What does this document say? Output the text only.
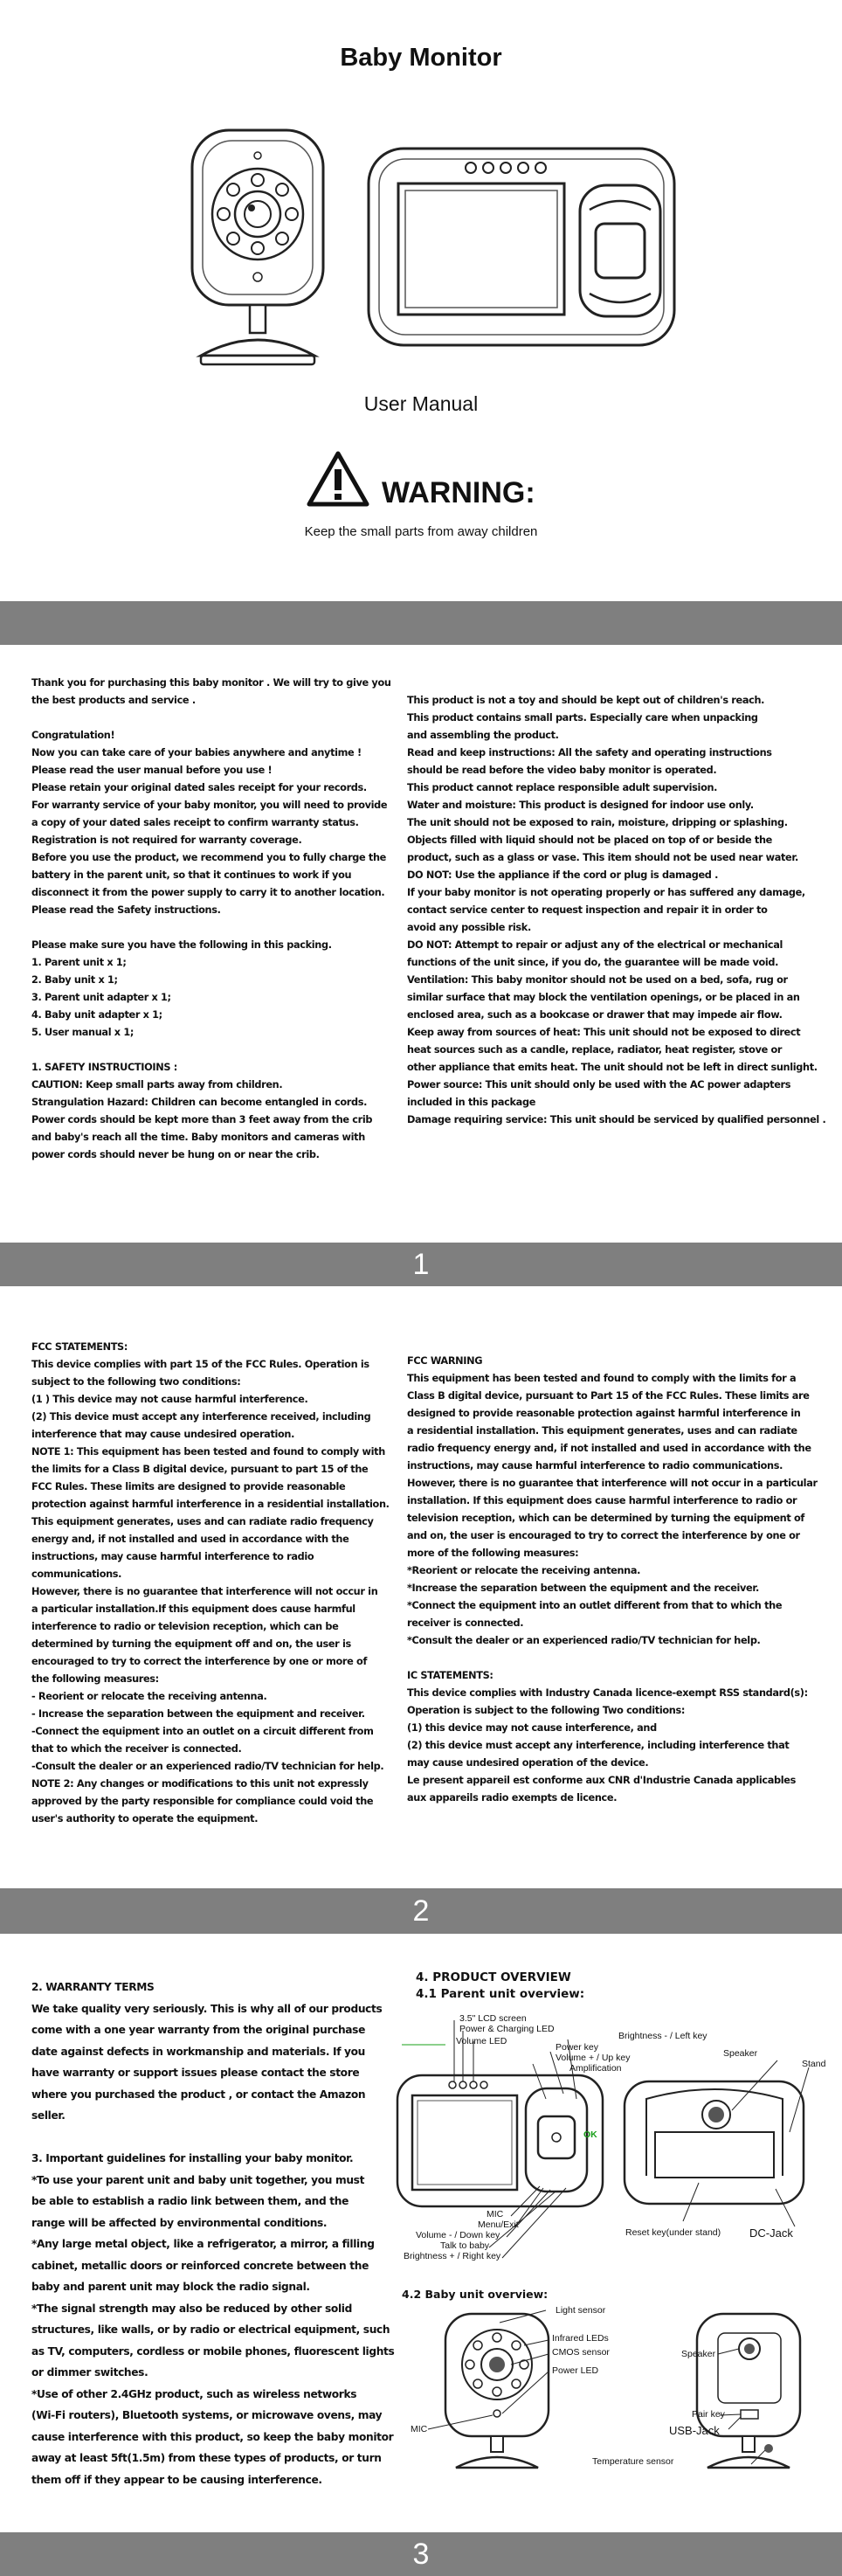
Baby Monitor
User Manual
WARNING:
Keep the small parts from away children
Thank you for purchasing this baby monitor . We will try to give you
the best products and service .

Congratulation!
Now you can take care of your babies anywhere and anytime !
Please read the user manual before you use !
Please retain your original dated sales receipt for your records.
For warranty service of your baby monitor, you will need to provide
a copy of your dated sales receipt to confirm warranty status.
Registration is not required for warranty coverage.
Before you use the product, we recommend you to fully charge the
battery in the parent unit, so that it continues to work if you
disconnect it from the power supply to carry it to another location.
Please read the Safety instructions.

Please make sure you have the following in this packing.
1. Parent unit x 1;
2. Baby unit x 1;
3. Parent unit adapter x 1;
4. Baby unit adapter x 1;
5. User manual x 1;

1. SAFETY INSTRUCTIOINS :
CAUTION: Keep small parts away from children.
Strangulation Hazard: Children can become entangled in cords.
Power cords should be kept more than 3 feet away from the crib
and baby's reach all the time. Baby monitors and cameras with
power cords should never be hung on or near the crib.
This product is not a toy and should be kept out of children's reach.
This product contains small parts. Especially care when unpacking
and assembling the product.
Read and keep instructions: All the safety and operating instructions
should be read before the video baby monitor is operated.
This product cannot replace responsible adult supervision.
Water and moisture: This product is designed for indoor use only.
The unit should not be exposed to rain, moisture, dripping or splashing.
Objects filled with liquid should not be placed on top of or beside the
product, such as a glass or vase. This item should not be used near water.
DO NOT: Use the appliance if the cord or plug is damaged .
If your baby monitor is not operating properly or has suffered any damage,
contact service center to request inspection and repair it in order to
avoid any possible risk.
DO NOT: Attempt to repair or adjust any of the electrical or mechanical
functions of the unit since, if you do, the guarantee will be made void.
Ventilation: This baby monitor should not be used on a bed, sofa, rug or
similar surface that may block the ventilation openings, or be placed in an
enclosed area, such as a bookcase or drawer that may impede air flow.
Keep away from sources of heat: This unit should not be exposed to direct
heat sources such as a candle, replace, radiator, heat register, stove or
other appliance that emits heat. The unit should not be left in direct sunlight.
Power source: This unit should only be used with the AC power adapters
included in this package
Damage requiring service: This unit should be serviced by qualified personnel .
1
FCC STATEMENTS:
This device complies with part 15 of the FCC Rules. Operation is
subject to the following two conditions:
(1 ) This device may not cause harmful interference.
(2) This device must accept any interference received, including
interference that may cause undesired operation.
NOTE 1: This equipment has been tested and found to comply with
the limits for a Class B digital device, pursuant to part 15 of the
FCC Rules. These limits are designed to provide reasonable
protection against harmful interference in a residential installation.
This equipment generates, uses and can radiate radio frequency
energy and, if not installed and used in accordance with the
instructions, may cause harmful interference to radio
communications.
However, there is no guarantee that interference will not occur in
a particular installation.If this equipment does cause harmful
interference to radio or television reception, which can be
determined by turning the equipment off and on, the user is
encouraged to try to correct the interference by one or more of
the following measures:
- Reorient or relocate the receiving antenna.
- Increase the separation between the equipment and receiver.
-Connect the equipment into an outlet on a circuit different from
that to which the receiver is connected.
-Consult the dealer or an experienced radio/TV technician for help.
NOTE 2: Any changes or modifications to this unit not expressly
approved by the party responsible for compliance could void the
user's authority to operate the equipment.
FCC WARNING
This equipment has been tested and found to comply with the limits for a
Class B digital device, pursuant to Part 15 of the FCC Rules. These limits are
designed to provide reasonable protection against harmful interference in
a residential installation. This equipment generates, uses and can radiate
radio frequency energy and, if not installed and used in accordance with the
instructions, may cause harmful interference to radio communications.
However, there is no guarantee that interference will not occur in a particular
installation. If this equipment does cause harmful interference to radio or
television reception, which can be determined by turning the equipment of
and on, the user is encouraged to try to correct the interference by one or
more of the following measures:
*Reorient or relocate the receiving antenna.
*Increase the separation between the equipment and the receiver.
*Connect the equipment into an outlet different from that to which the
receiver is connected.
*Consult the dealer or an experienced radio/TV technician for help.

IC STATEMENTS:
This device complies with Industry Canada licence-exempt RSS standard(s):
Operation is subject to the following Two conditions:
(1) this device may not cause interference, and
(2) this device must accept any interference, including interference that
may cause undesired operation of the device.
Le present appareil est conforme aux CNR d'Industrie Canada applicables
aux appareils radio exempts de licence.
2
2. WARRANTY TERMS
We take quality very seriously. This is why all of our products
come with a one year warranty from the original purchase
date against defects in workmanship and materials. If you
have warranty or support issues please contact the store
where you purchased the product , or contact the Amazon
seller.

3. Important guidelines for installing your baby monitor.
*To use your parent unit and baby unit together, you must
be able to establish a radio link between them, and the
range will be affected by environmental conditions.
*Any large metal object, like a refrigerator, a mirror, a filling
cabinet, metallic doors or reinforced concrete between the
baby and parent unit may block the radio signal.
*The signal strength may also be reduced by other solid
structures, like walls, or by radio or electrical equipment, such
as TV, computers, cordless or mobile phones, fluorescent lights
or dimmer switches.
*Use of other 2.4GHz product, such as wireless networks
(Wi-Fi routers), Bluetooth systems, or microwave ovens, may
cause interference with this product, so keep the baby monitor
away at least 5ft(1.5m) from these types of products, or turn
them off if they appear to be causing interference.
4. PRODUCT OVERVIEW
4.1 Parent unit overview:
3.5" LCD screen
Power & Charging LED
Volume LED	Brightness - / Left key
Power key
Volume + / Up key
Amplification
Speaker
Stand
OK
MIC
Menu/Exit
Volume - / Down key
Talk to baby
Brightness + / Right key
Reset key(under stand)	DC-Jack
4.2 Baby unit overview:
Light sensor
Infrared LEDs
CMOS sensor
Power LED
MIC
Speaker
Pair key
USB-Jack
Temperature sensor
3
